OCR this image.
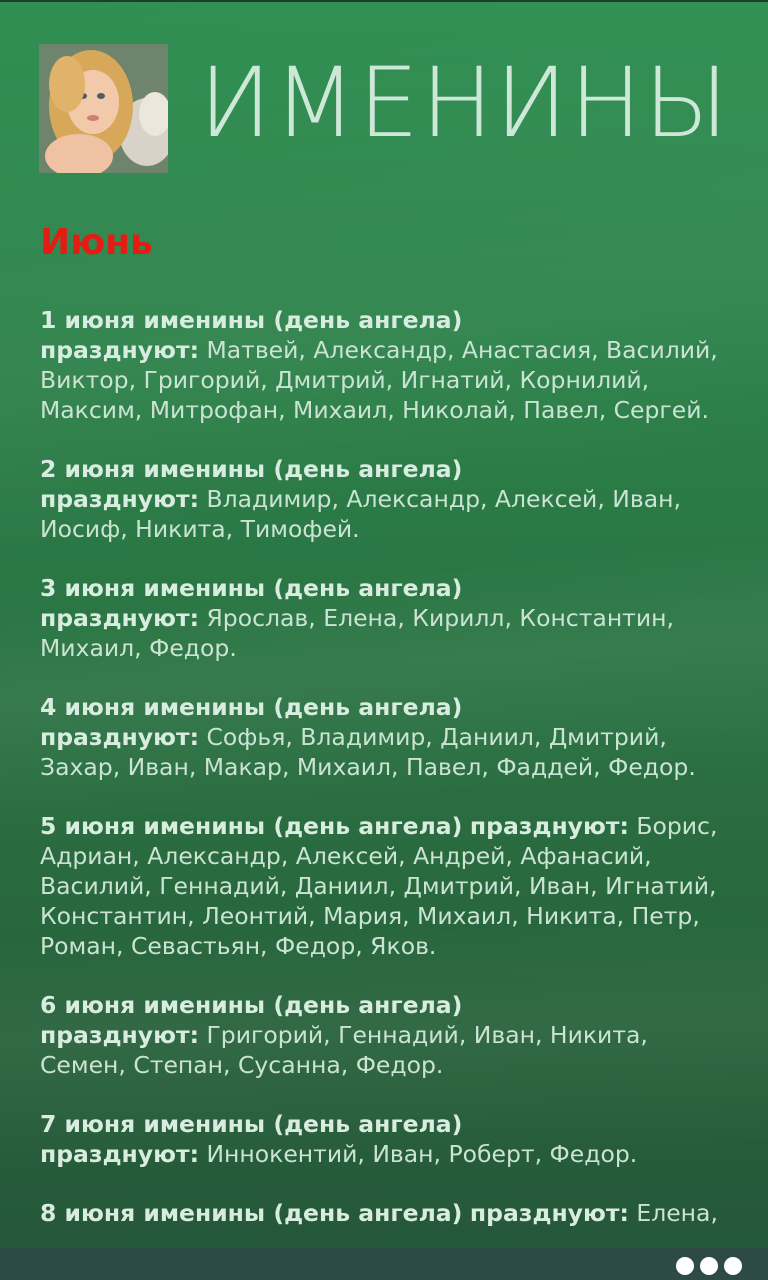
ИМЕНИНЫ
Июнь

1 июня именины (день ангела)
празднуют: Матвей, Александр, Анастасия, Василий, Виктор, Григорий, Дмитрий, Игнатий, Корнилий, Максим, Митрофан, Михаил, Николай, Павел, Сергей.

2 июня именины (день ангела)
празднуют: Владимир, Александр, Алексей, Иван, Иосиф, Никита, Тимофей.

3 июня именины (день ангела)
празднуют: Ярослав, Елена, Кирилл, Константин, Михаил, Федор.

4 июня именины (день ангела)
празднуют: Софья, Владимир, Даниил, Дмитрий, Захар, Иван, Макар, Михаил, Павел, Фаддей, Федор.

5 июня именины (день ангела) празднуют: Борис, Адриан, Александр, Алексей, Андрей, Афанасий, Василий, Геннадий, Даниил, Дмитрий, Иван, Игнатий, Константин, Леонтий, Мария, Михаил, Никита, Петр, Роман, Севастьян, Федор, Яков.

6 июня именины (день ангела)
празднуют: Григорий, Геннадий, Иван, Никита, Семен, Степан, Сусанна, Федор.

7 июня именины (день ангела)
празднуют: Иннокентий, Иван, Роберт, Федор.

8 июня именины (день ангела) празднуют: Елена,
